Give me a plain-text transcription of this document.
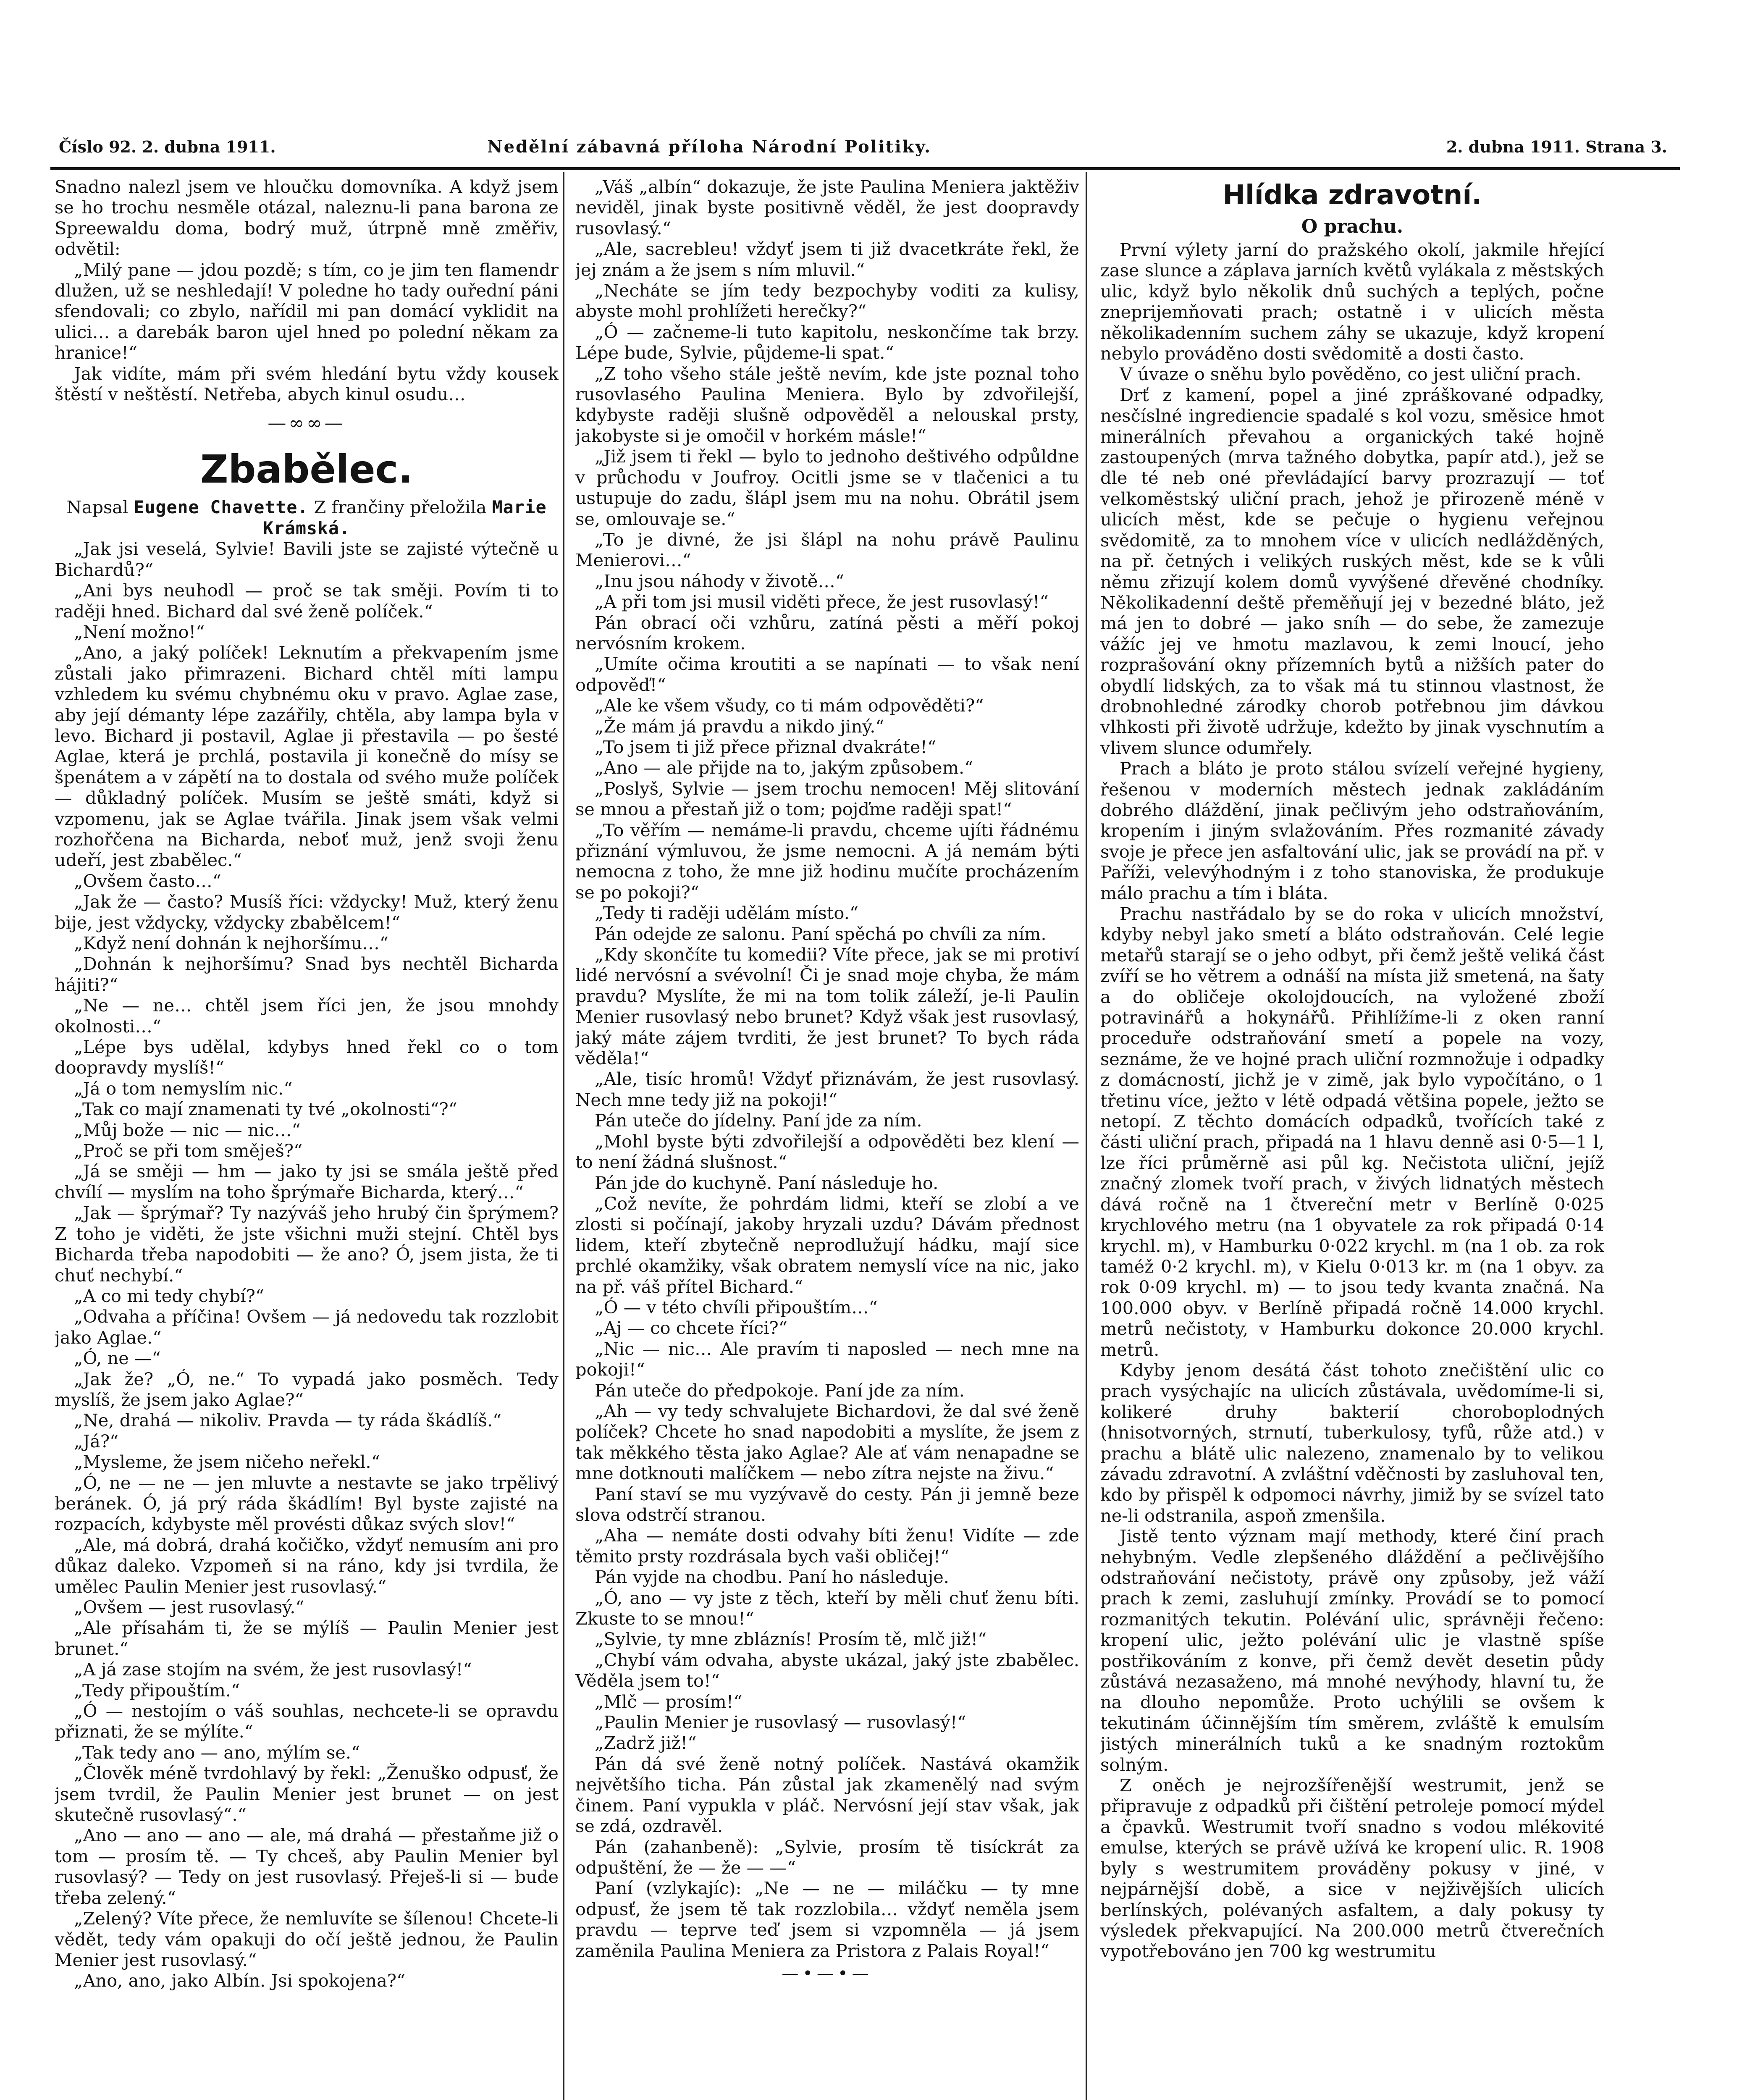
Číslo 92. 2. dubna 1911.	Nedělní zábavná příloha Národní Politiky.	2. dubna 1911. Strana 3.

Snadno nalezl jsem ve hloučku domovníka. A když jsem se ho trochu nesměle otázal, naleznu-li pana barona ze Spreewaldu doma, bodrý muž, útrpně mně změřiv, odvětil:

„Milý pane — jdou pozdě; s tím, co je jim ten flamendr dlužen, už se neshledají! V poledne ho tady ouřední páni sfendovali; co zbylo, nařídil mi pan domácí vyklidit na ulici… a darebák baron ujel hned po polední někam za hranice!“

Jak vidíte, mám při svém hledání bytu vždy kousek štěstí v neštěstí. Netřeba, abych kinul osudu…

—∞∞—
Zbabělec.

Napsal Eugene Chavette. Z frančiny přeložila Marie Krámská.

„Jak jsi veselá, Sylvie! Bavili jste se zajisté výtečně u Bichardů?“

„Ani bys neuhodl — proč se tak směji. Povím ti to raději hned. Bichard dal své ženě políček.“

„Není možno!“

„Ano, a jaký políček! Leknutím a překvapením jsme zůstali jako přimrazeni. Bichard chtěl míti lampu vzhledem ku svému chybnému oku v pravo. Aglae zase, aby její démanty lépe zazářily, chtěla, aby lampa byla v levo. Bichard ji postavil, Aglae ji přestavila — po šesté Aglae, která je prchlá, postavila ji konečně do mísy se špenátem a v zápětí na to dostala od svého muže políček — důkladný políček. Musím se ještě smáti, když si vzpomenu, jak se Aglae tvářila. Jinak jsem však velmi rozhořčena na Bicharda, neboť muž, jenž svoji ženu udeří, jest zbabělec.“

„Ovšem často…“

„Jak že — často? Musíš říci: vždycky! Muž, který ženu bije, jest vždycky, vždycky zbabělcem!“

„Když není dohnán k nejhoršímu…“

„Dohnán k nejhoršímu? Snad bys nechtěl Bicharda hájiti?“

„Ne — ne… chtěl jsem říci jen, že jsou mnohdy okolnosti…“

„Lépe bys udělal, kdybys hned řekl co o tom doopravdy myslíš!“

„Já o tom nemyslím nic.“

„Tak co mají znamenati ty tvé „okolnosti“?“

„Můj bože — nic — nic…“

„Proč se při tom směješ?“

„Já se směji — hm — jako ty jsi se smála ještě před chvílí — myslím na toho šprýmaře Bicharda, který…“

„Jak — šprýmař? Ty nazýváš jeho hrubý čin šprýmem? Z toho je viděti, že jste všichni muži stejní. Chtěl bys Bicharda třeba napodobiti — že ano? Ó, jsem jista, že ti chuť nechybí.“

„A co mi tedy chybí?“

„Odvaha a příčina! Ovšem — já nedovedu tak rozzlobit jako Aglae.“

„Ó, ne —“

„Jak že? „Ó, ne.“ To vypadá jako posměch. Tedy myslíš, že jsem jako Aglae?“

„Ne, drahá — nikoliv. Pravda — ty ráda škádlíš.“

„Já?“

„Mysleme, že jsem ničeho neřekl.“

„Ó, ne — ne — jen mluvte a nestavte se jako trpělivý beránek. Ó, já prý ráda škádlím! Byl byste zajisté na rozpacích, kdybyste měl provésti důkaz svých slov!“

„Ale, má dobrá, drahá kočičko, vždyť nemusím ani pro důkaz daleko. Vzpomeň si na ráno, kdy jsi tvrdila, že umělec Paulin Menier jest rusovlasý.“

„Ovšem — jest rusovlasý.“

„Ale přísahám ti, že se mýlíš — Paulin Menier jest brunet.“

„A já zase stojím na svém, že jest rusovlasý!“

„Tedy připouštím.“

„Ó — nestojím o váš souhlas, nechcete-li se opravdu přiznati, že se mýlíte.“

„Tak tedy ano — ano, mýlím se.“

„Člověk méně tvrdohlavý by řekl: „Ženuško odpusť, že jsem tvrdil, že Paulin Menier jest brunet — on jest skutečně rusovlasý“.“

„Ano — ano — ano — ale, má drahá — přestaňme již o tom — prosím tě. — Ty chceš, aby Paulin Menier byl rusovlasý? — Tedy on jest rusovlasý. Přeješ-li si — bude třeba zelený.“

„Zelený? Víte přece, že nemluvíte se šílenou! Chcete-li vědět, tedy vám opakuji do očí ještě jednou, že Paulin Menier jest rusovlasý.“

„Ano, ano, jako Albín. Jsi spokojena?“

„Váš „albín“ dokazuje, že jste Paulina Meniera jaktěživ neviděl, jinak byste positivně věděl, že jest doopravdy rusovlasý.“

„Ale, sacrebleu! vždyť jsem ti již dvacetkráte řekl, že jej znám a že jsem s ním mluvil.“

„Necháte se jím tedy bezpochyby voditi za kulisy, abyste mohl prohlížeti herečky?“

„Ó — začneme-li tuto kapitolu, neskončíme tak brzy. Lépe bude, Sylvie, půjdeme-li spat.“

„Z toho všeho stále ještě nevím, kde jste poznal toho rusovlasého Paulina Meniera. Bylo by zdvořilejší, kdybyste raději slušně odpověděl a nelouskal prsty, jakobyste si je omočil v horkém másle!“

„Již jsem ti řekl — bylo to jednoho deštivého odpůldne v průchodu v Joufroy. Ocitli jsme se v tlačenici a tu ustupuje do zadu, šlápl jsem mu na nohu. Obrátil jsem se, omlouvaje se.“

„To je divné, že jsi šlápl na nohu právě Paulinu Menierovi…“

„Inu jsou náhody v životě…“

„A při tom jsi musil viděti přece, že jest rusovlasý!“

Pán obrací oči vzhůru, zatíná pěsti a měří pokoj nervósním krokem.

„Umíte očima kroutiti a se napínati — to však není odpověď!“

„Ale ke všem všudy, co ti mám odpověděti?“

„Že mám já pravdu a nikdo jiný.“

„To jsem ti již přece přiznal dvakráte!“

„Ano — ale přijde na to, jakým způsobem.“

„Poslyš, Sylvie — jsem trochu nemocen! Měj slitování se mnou a přestaň již o tom; pojďme raději spat!“

„To věřím — nemáme-li pravdu, chceme ujíti řádnému přiznání výmluvou, že jsme nemocni. A já nemám býti nemocna z toho, že mne již hodinu mučíte procházením se po pokoji?“

„Tedy ti raději udělám místo.“

Pán odejde ze salonu. Paní spěchá po chvíli za ním.

„Kdy skončíte tu komedii? Víte přece, jak se mi protiví lidé nervósní a svévolní! Či je snad moje chyba, že mám pravdu? Myslíte, že mi na tom tolik záleží, je-li Paulin Menier rusovlasý nebo brunet? Když však jest rusovlasý, jaký máte zájem tvrditi, že jest brunet? To bych ráda věděla!“

„Ale, tisíc hromů! Vždyť přiznávám, že jest rusovlasý. Nech mne tedy již na pokoji!“

Pán uteče do jídelny. Paní jde za ním.

„Mohl byste býti zdvořilejší a odpověděti bez klení — to není žádná slušnost.“

Pán jde do kuchyně. Paní následuje ho.

„Což nevíte, že pohrdám lidmi, kteří se zlobí a ve zlosti si počínají, jakoby hryzali uzdu? Dávám přednost lidem, kteří zbytečně neprodlužují hádku, mají sice prchlé okamžiky, však obratem nemyslí více na nic, jako na př. váš přítel Bichard.“

„Ó — v této chvíli připouštím…“

„Aj — co chcete říci?“

„Nic — nic… Ale pravím ti naposled — nech mne na pokoji!“

Pán uteče do předpokoje. Paní jde za ním.

„Ah — vy tedy schvalujete Bichardovi, že dal své ženě políček? Chcete ho snad napodobiti a myslíte, že jsem z tak měkkého těsta jako Aglae? Ale ať vám nenapadne se mne dotknouti malíčkem — nebo zítra nejste na živu.“

Paní staví se mu vyzývavě do cesty. Pán ji jemně beze slova odstrčí stranou.

„Aha — nemáte dosti odvahy bíti ženu! Vidíte — zde těmito prsty rozdrásala bych vaši obličej!“

Pán vyjde na chodbu. Paní ho následuje.

„Ó, ano — vy jste z těch, kteří by měli chuť ženu bíti. Zkuste to se mnou!“

„Sylvie, ty mne zbláznís! Prosím tě, mlč již!“

„Chybí vám odvaha, abyste ukázal, jaký jste zbabělec. Věděla jsem to!“

„Mlč — prosím!“

„Paulin Menier je rusovlasý — rusovlasý!“

„Zadrž již!“

Pán dá své ženě notný políček. Nastává okamžik největšího ticha. Pán zůstal jak zkamenělý nad svým činem. Paní vypukla v pláč. Nervósní její stav však, jak se zdá, ozdravěl.

Pán (zahanbeně): „Sylvie, prosím tě tisíckrát za odpuštění, že — že — —“

Paní (vzlykajíc): „Ne — ne — miláčku — ty mne odpusť, že jsem tě tak rozzlobila… vždyť neměla jsem pravdu — teprve teď jsem si vzpomněla — já jsem zaměnila Paulina Meniera za Pristora z Palais Royal!“

—•—•—
Hlídka zdravotní.

O prachu.

První výlety jarní do pražského okolí, jakmile hřející zase slunce a záplava jarních květů vylákala z městských ulic, když bylo několik dnů suchých a teplých, počne zneprijemňovati prach; ostatně i v ulicích města několikadenním suchem záhy se ukazuje, když kropení nebylo prováděno dosti svědomitě a dosti často.

V úvaze o sněhu bylo pověděno, co jest uliční prach.

Drť z kamení, popel a jiné zpráškované odpadky, nesčíslné ingrediencie spadalé s kol vozu, směsice hmot minerálních převahou a organických také hojně zastoupených (mrva tažného dobytka, papír atd.), jež se dle té neb oné převládající barvy prozrazují — toť velkoměstský uliční prach, jehož je přirozeně méně v ulicích měst, kde se pečuje o hygienu veřejnou svědomitě, za to mnohem více v ulicích nedlážděných, na př. četných i velikých ruských měst, kde se k vůli němu zřizují kolem domů vyvýšené dřevěné chodníky. Několikadenní deště přeměňují jej v bezedné bláto, jež má jen to dobré — jako sníh — do sebe, že zamezuje vážíc jej ve hmotu mazlavou, k zemi lnoucí, jeho rozprašování okny přízemních bytů a nižších pater do obydlí lidských, za to však má tu stinnou vlastnost, že drobnohledné zárodky chorob potřebnou jim dávkou vlhkosti při životě udržuje, kdežto by jinak vyschnutím a vlivem slunce odumřely.

Prach a bláto je proto stálou svízelí veřejné hygieny, řešenou v moderních městech jednak zakládáním dobrého dláždění, jinak pečlivým jeho odstraňováním, kropením i jiným svlažováním. Přes rozmanité závady svoje je přece jen asfaltování ulic, jak se provádí na př. v Paříži, velevýhodným i z toho stanoviska, že produkuje málo prachu a tím i bláta.

Prachu nastřádalo by se do roka v ulicích množství, kdyby nebyl jako smetí a bláto odstraňován. Celé legie metařů starají se o jeho odbyt, při čemž ještě veliká část zvíří se ho větrem a odnáší na místa již smetená, na šaty a do obličeje okolojdoucích, na vyložené zboží potravinářů a hokynářů. Přihlížíme-li z oken ranní proceduře odstraňování smetí a popele na vozy, seznáme, že ve hojné prach uliční rozmnožuje i odpadky z domácností, jichž je v zimě, jak bylo vypočítáno, o 1 třetinu více, ježto v létě odpadá většina popele, ježto se netopí. Z těchto domácích odpadků, tvořících také z části uliční prach, připadá na 1 hlavu denně asi 0·5—1 l, lze říci průměrně asi půl kg. Nečistota uliční, jejíž značný zlomek tvoří prach, v živých lidnatých městech dává ročně na 1 čtvereční metr v Berlíně 0·025 krychlového metru (na 1 obyvatele za rok připadá 0·14 krychl. m), v Hamburku 0·022 krychl. m (na 1 ob. za rok taméž 0·2 krychl. m), v Kielu 0·013 kr. m (na 1 obyv. za rok 0·09 krychl. m) — to jsou tedy kvanta značná. Na 100.000 obyv. v Berlíně připadá ročně 14.000 krychl. metrů nečistoty, v Hamburku dokonce 20.000 krychl. metrů.

Kdyby jenom desátá část tohoto znečištění ulic co prach vysýchajíc na ulicích zůstávala, uvědomíme-li si, kolikeré druhy bakterií choroboplodných (hnisotvorných, strnutí, tuberkulosy, tyfů, růže atd.) v prachu a blátě ulic nalezeno, znamenalo by to velikou závadu zdravotní. A zvláštní vděčnosti by zasluhoval ten, kdo by přispěl k odpomoci návrhy, jimiž by se svízel tato ne-li odstranila, aspoň zmenšila.

Jistě tento význam mají methody, které činí prach nehybným. Vedle zlepšeného dláždění a pečlivějšího odstraňování nečistoty, právě ony způsoby, jež váží prach k zemi, zasluhují zmínky. Provádí se to pomocí rozmanitých tekutin. Polévání ulic, správněji řečeno: kropení ulic, ježto polévání ulic je vlastně spíše postřikováním z konve, při čemž devět desetin půdy zůstává nezasaženo, má mnohé nevýhody, hlavní tu, že na dlouho nepomůže. Proto uchýlili se ovšem k tekutinám účinnějším tím směrem, zvláště k emulsím jistých minerálních tuků a ke snadným roztokům solným.

Z oněch je nejrozšířenější westrumit, jenž se připravuje z odpadků při čištění petroleje pomocí mýdel a čpavků. Westrumit tvoří snadno s vodou mlékovité emulse, kterých se právě užívá ke kropení ulic. R. 1908 byly s westrumitem prováděny pokusy v jiné, v nejpárnější době, a sice v nejživějších ulicích berlínských, polévaných asfaltem, a daly pokusy ty výsledek překvapující. Na 200.000 metrů čtverečních vypotřebováno jen 700 kg westrumitu
